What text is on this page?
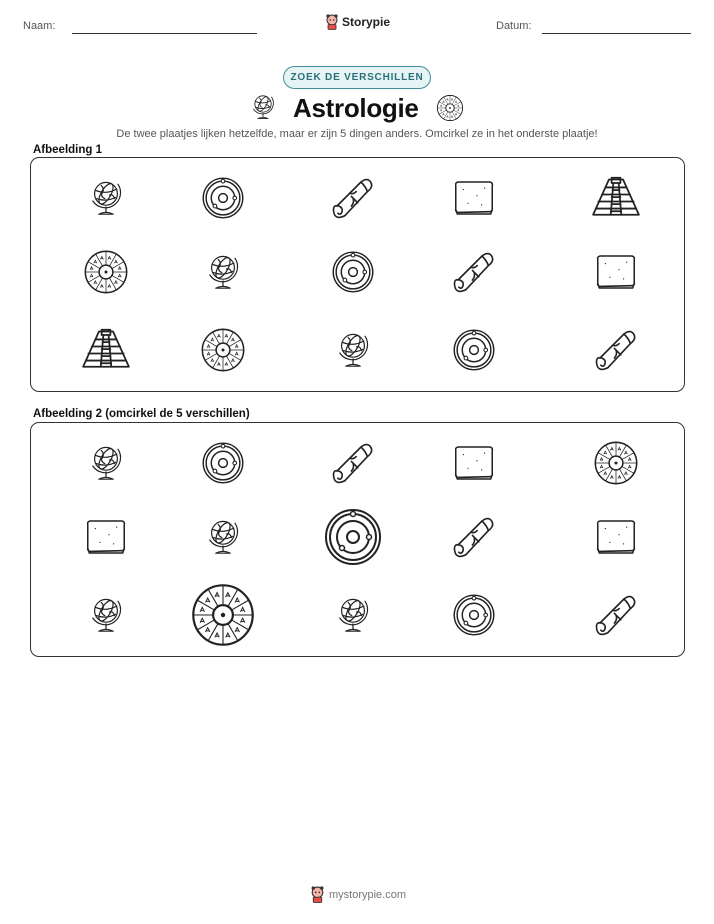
Naam:	Storypie	Datum:
ZOEK DE VERSCHILLEN
Astrologie
De twee plaatjes lijken hetzelfde, maar er zijn 5 dingen anders. Omcirkel ze in het onderste plaatje!
Afbeelding 1
Afbeelding 2 (omcirkel de 5 verschillen)
mystorypie.com
